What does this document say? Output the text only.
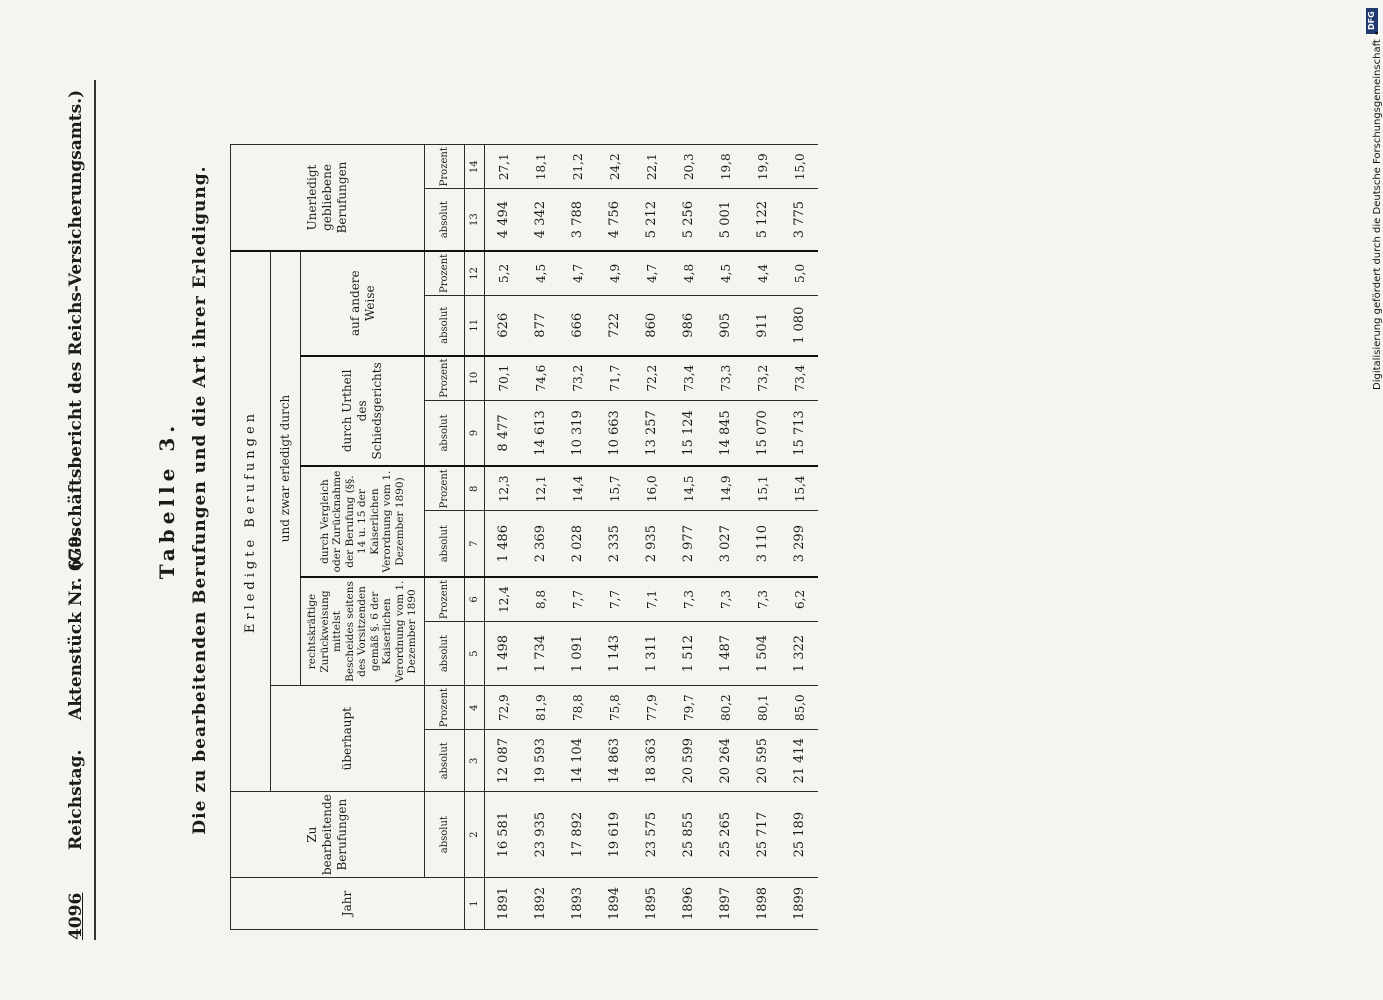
4096
Reichstag.
Aktenstück Nr. 679.
(Geschäftsbericht des Reichs-Versicherungsamts.)	Tabelle 3. Die zu bearbeitenden Berufungen und die Art ihrer Erledigung.
Jahr	Zu bearbeitende Berufungen	Erledigte Berufungen										Unerledigt gebliebene Berufungen	
		überhaupt		und zwar erledigt durch									
				rechtskräftige Zurückweisung mittelst Bescheides seitens des Vorsitzenden gemäß §. 6 der Kaiserlichen Verordnung vom 1. Dezember 1890		durch Vergleich oder Zurücknahme der Berufung (§§. 14 u. 15 der Kaiserlichen Verordnung vom 1. Dezember 1890)		durch Urtheil des Schiedsgerichts		auf andere Weise			
	absolut	absolut	Prozent	absolut	Prozent	absolut	Prozent	absolut	Prozent	absolut	Prozent	absolut	Prozent
1	2	3	4	5	6	7	8	9	10	11	12	13	14
1891	16 581	12 087	72,9	1 498	12,4	1 486	12,3	8 477	70,1	626	5,2	4 494	27,1
1892	23 935	19 593	81,9	1 734	8,8	2 369	12,1	14 613	74,6	877	4,5	4 342	18,1
1893	17 892	14 104	78,8	1 091	7,7	2 028	14,4	10 319	73,2	666	4,7	3 788	21,2
1894	19 619	14 863	75,8	1 143	7,7	2 335	15,7	10 663	71,7	722	4,9	4 756	24,2
1895	23 575	18 363	77,9	1 311	7,1	2 935	16,0	13 257	72,2	860	4,7	5 212	22,1
1896	25 855	20 599	79,7	1 512	7,3	2 977	14,5	15 124	73,4	986	4,8	5 256	20,3
1897	25 265	20 264	80,2	1 487	7,3	3 027	14,9	14 845	73,3	905	4,5	5 001	19,8
1898	25 717	20 595	80,1	1 504	7,3	3 110	15,1	15 070	73,2	911	4,4	5 122	19,9
1899	25 189	21 414	85,0	1 322	6,2	3 299	15,4	15 713	73,4	1 080	5,0	3 775	15,0
DFG
Digitalisierung gefördert durch die Deutsche Forschungsgemeinschaft •
